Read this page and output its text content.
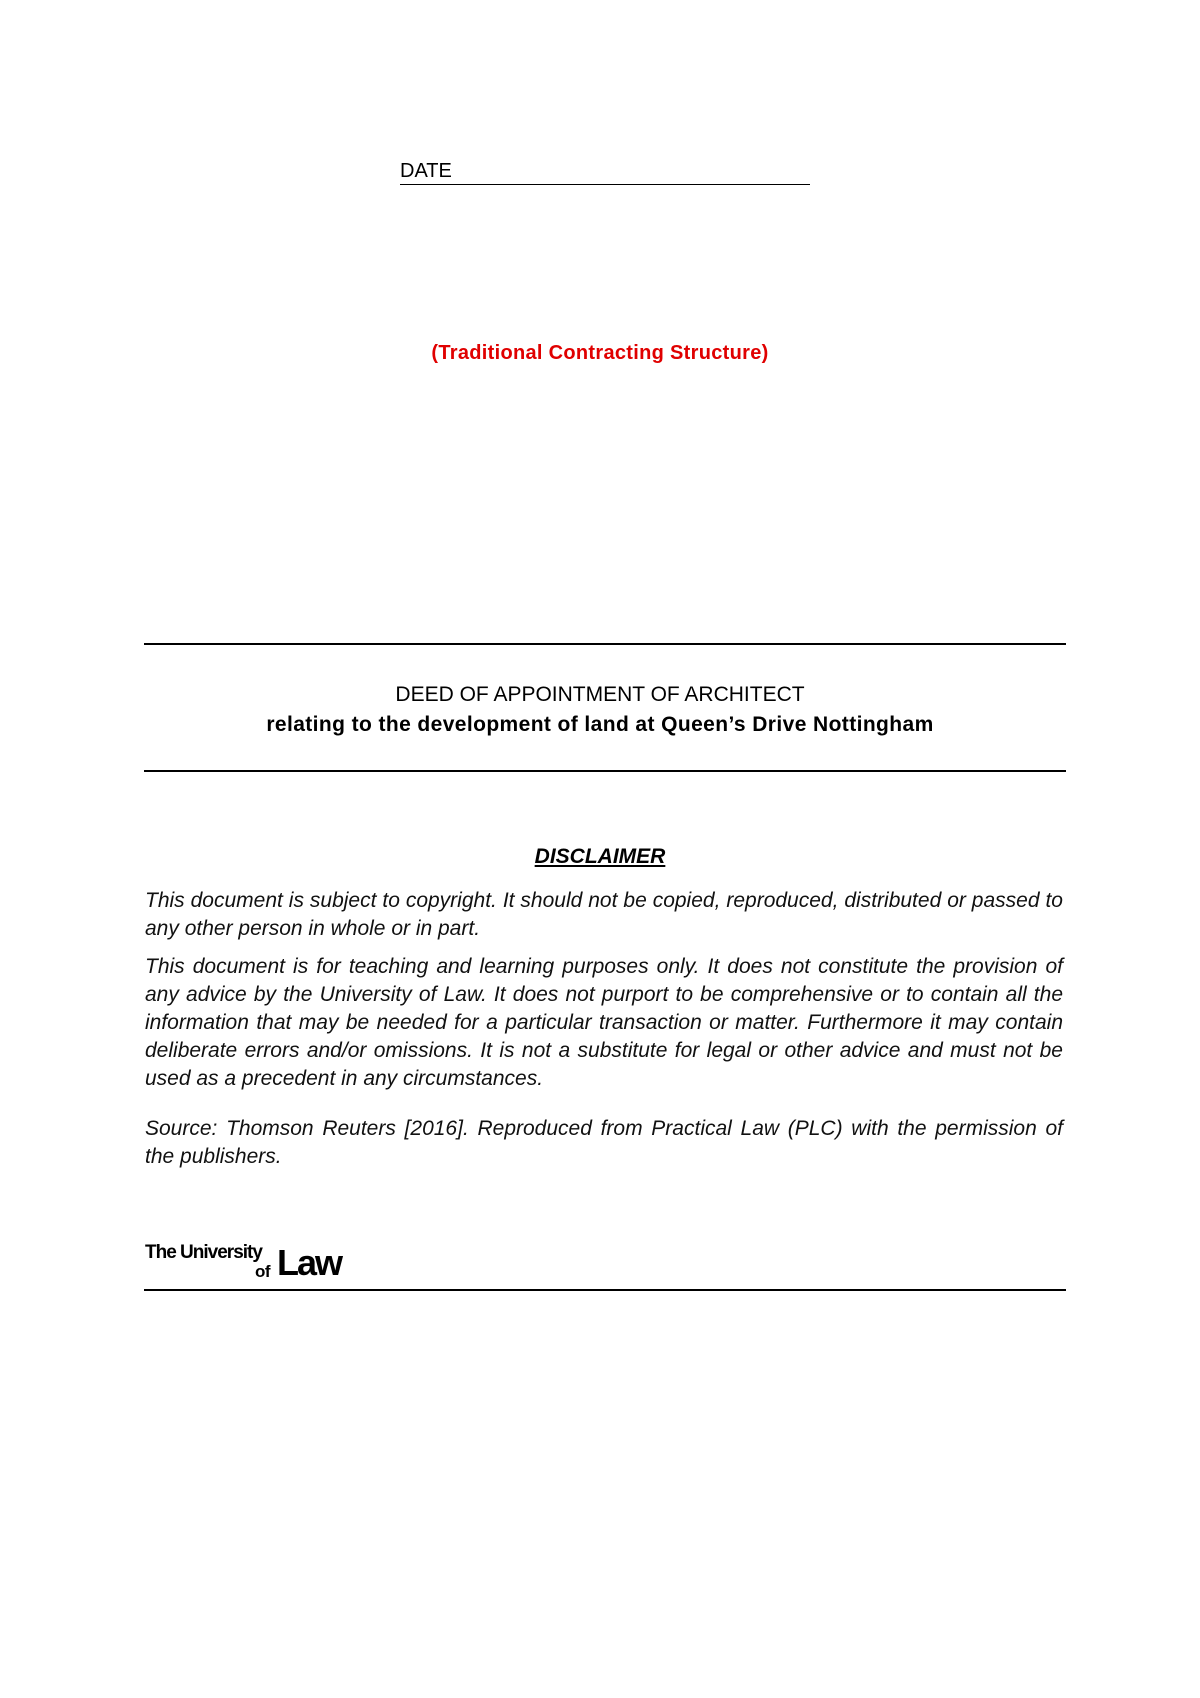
DATE
(Traditional Contracting Structure)
DEED OF APPOINTMENT OF ARCHITECT
relating to the development of land at Queen’s Drive Nottingham
DISCLAIMER

This document is subject to copyright. It should not be copied, reproduced, distributed or passed to any other person in whole or in part.

This document is for teaching and learning purposes only. It does not constitute the provision of any advice by the University of Law. It does not purport to be comprehensive or to contain all the information that may be needed for a particular transaction or matter. Furthermore it may contain deliberate errors and/or omissions. It is not a substitute for legal or other advice and must not be used as a precedent in any circumstances.

Source: Thomson Reuters [2016]. Reproduced from Practical Law (PLC) with the permission of the publishers.

The University
of Law
